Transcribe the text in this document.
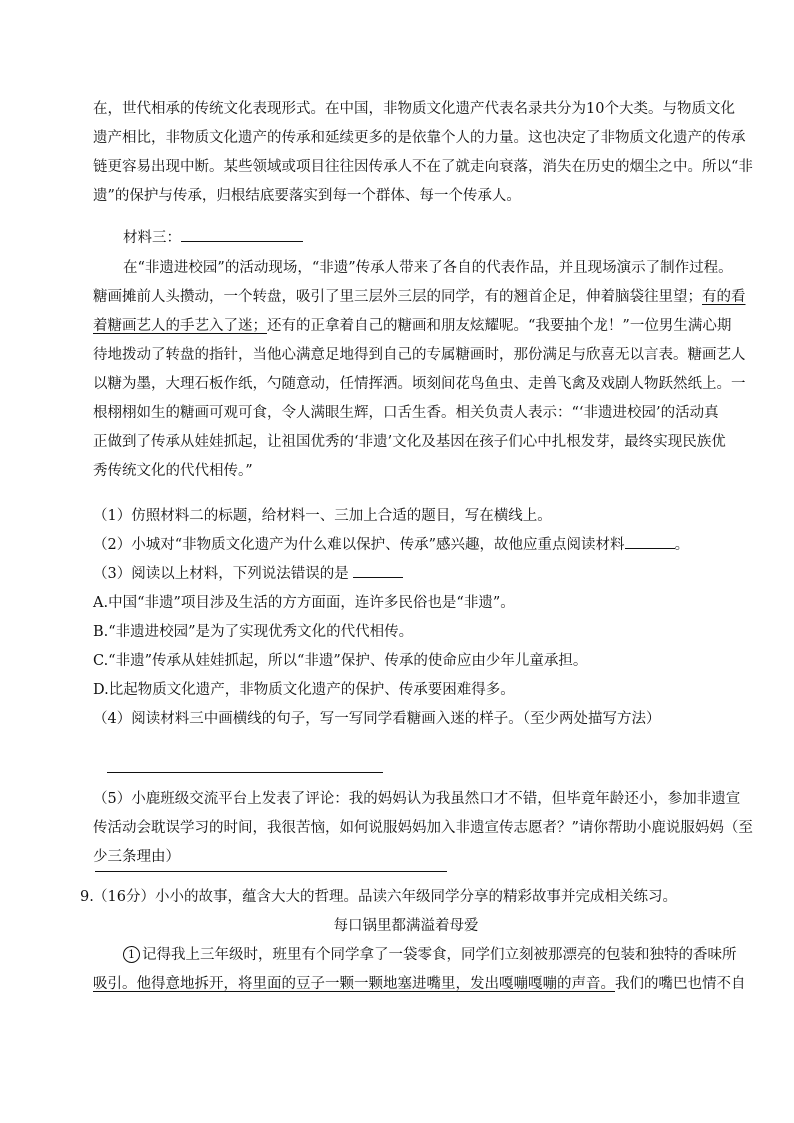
在，世代相承的传统文化表现形式。在中国，非物质文化遗产代表名录共分为10个大类。与物质文化
遗产相比，非物质文化遗产的传承和延续更多的是依靠个人的力量。这也决定了非物质文化遗产的传承
链更容易出现中断。某些领域或项目往往因传承人不在了就走向衰落，消失在历史的烟尘之中。所以“非
遗”的保护与传承，归根结底要落实到每一个群体、每一个传承人。
材料三：
在“非遗进校园”的活动现场，“非遗”传承人带来了各自的代表作品，并且现场演示了制作过程。
糖画摊前人头攒动，一个转盘，吸引了里三层外三层的同学，有的翘首企足，伸着脑袋往里望；有的看
着糖画艺人的手艺入了迷；还有的正拿着自己的糖画和朋友炫耀呢。“我要抽个龙！”一位男生满心期
待地拨动了转盘的指针，当他心满意足地得到自己的专属糖画时，那份满足与欣喜无以言表。糖画艺人
以糖为墨，大理石板作纸，勺随意动，任情挥洒。顷刻间花鸟鱼虫、走兽飞禽及戏剧人物跃然纸上。一
根栩栩如生的糖画可观可食，令人满眼生辉，口舌生香。相关负责人表示：“‘非遗进校园’的活动真
正做到了传承从娃娃抓起，让祖国优秀的‘非遗’文化及基因在孩子们心中扎根发芽，最终实现民族优
秀传统文化的代代相传。”
（1）仿照材料二的标题，给材料一、三加上合适的题目，写在横线上。
（2）小城对“非物质文化遗产为什么难以保护、传承”感兴趣，故他应重点阅读材料	。
（3）阅读以上材料，下列说法错误的是
A.中国“非遗”项目涉及生活的方方面面，连许多民俗也是“非遗”。
B.“非遗进校园”是为了实现优秀文化的代代相传。
C.“非遗”传承从娃娃抓起，所以“非遗”保护、传承的使命应由少年儿童承担。
D.比起物质文化遗产，非物质文化遗产的保护、传承要困难得多。
（4）阅读材料三中画横线的句子，写一写同学看糖画入迷的样子。（至少两处描写方法）
（5）小鹿班级交流平台上发表了评论：我的妈妈认为我虽然口才不错，但毕竟年龄还小，参加非遗宣
传活动会耽误学习的时间，我很苦恼，如何说服妈妈加入非遗宣传志愿者？”请你帮助小鹿说服妈妈（至
少三条理由）
9. （16分）小小的故事，蕴含大大的哲理。品读六年级同学分享的精彩故事并完成相关练习。
每口锅里都满溢着母爱
1 记得我上三年级时，班里有个同学拿了一袋零食，同学们立刻被那漂亮的包装和独特的香味所
吸引。他得意地拆开，将里面的豆子一颗一颗地塞进嘴里，发出嘎嘣嘎嘣的声音。我们的嘴巴也情不自
